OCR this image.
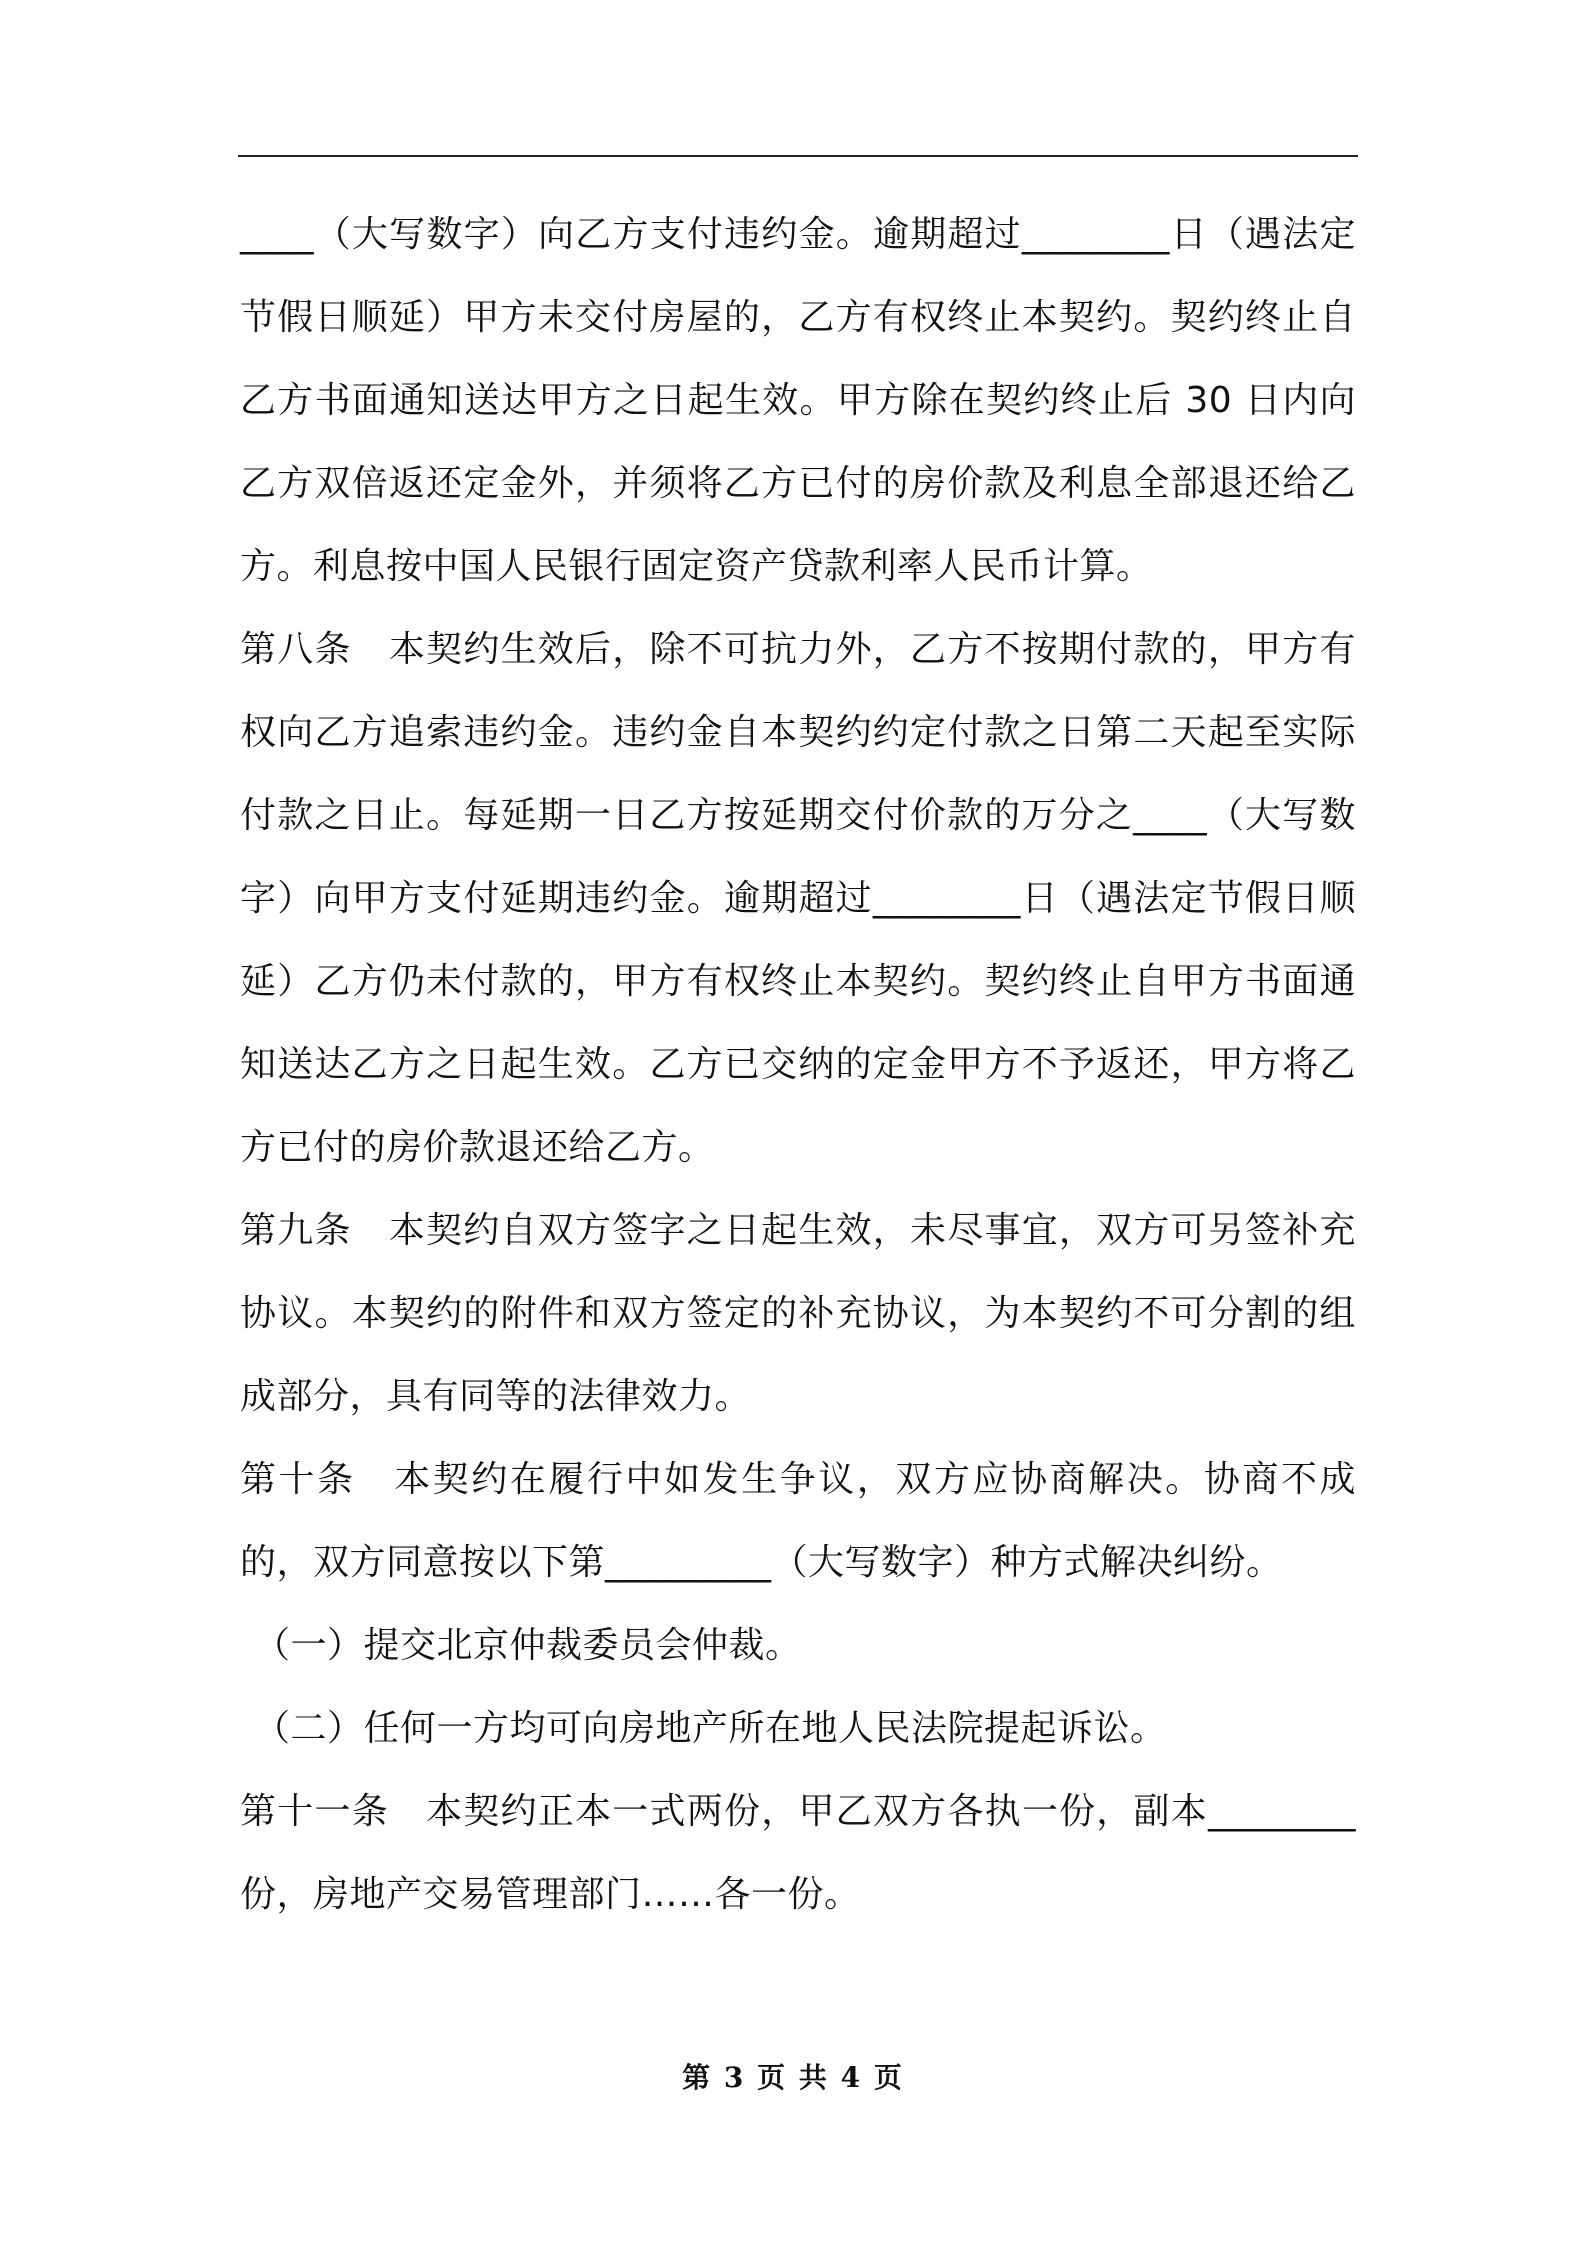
____（大写数字）向乙方支付违约金。逾期超过________日（遇法定节假日顺延）甲方未交付房屋的，乙方有权终止本契约。契约终止自乙方书面通知送达甲方之日起生效。甲方除在契约终止后 30 日内向乙方双倍返还定金外，并须将乙方已付的房价款及利息全部退还给乙方。利息按中国人民银行固定资产贷款利率人民币计算。

第八条　本契约生效后，除不可抗力外，乙方不按期付款的，甲方有权向乙方追索违约金。违约金自本契约约定付款之日第二天起至实际付款之日止。每延期一日乙方按延期交付价款的万分之____（大写数字）向甲方支付延期违约金。逾期超过________日（遇法定节假日顺延）乙方仍未付款的，甲方有权终止本契约。契约终止自甲方书面通知送达乙方之日起生效。乙方已交纳的定金甲方不予返还，甲方将乙方已付的房价款退还给乙方。

第九条　本契约自双方签字之日起生效，未尽事宜，双方可另签补充协议。本契约的附件和双方签定的补充协议，为本契约不可分割的组成部分，具有同等的法律效力。

第十条　本契约在履行中如发生争议，双方应协商解决。协商不成的，双方同意按以下第_________（大写数字）种方式解决纠纷。

（一）提交北京仲裁委员会仲裁。

（二）任何一方均可向房地产所在地人民法院提起诉讼。

第十一条　本契约正本一式两份，甲乙双方各执一份，副本________份，房地产交易管理部门……各一份。

第 3 页 共 4 页
